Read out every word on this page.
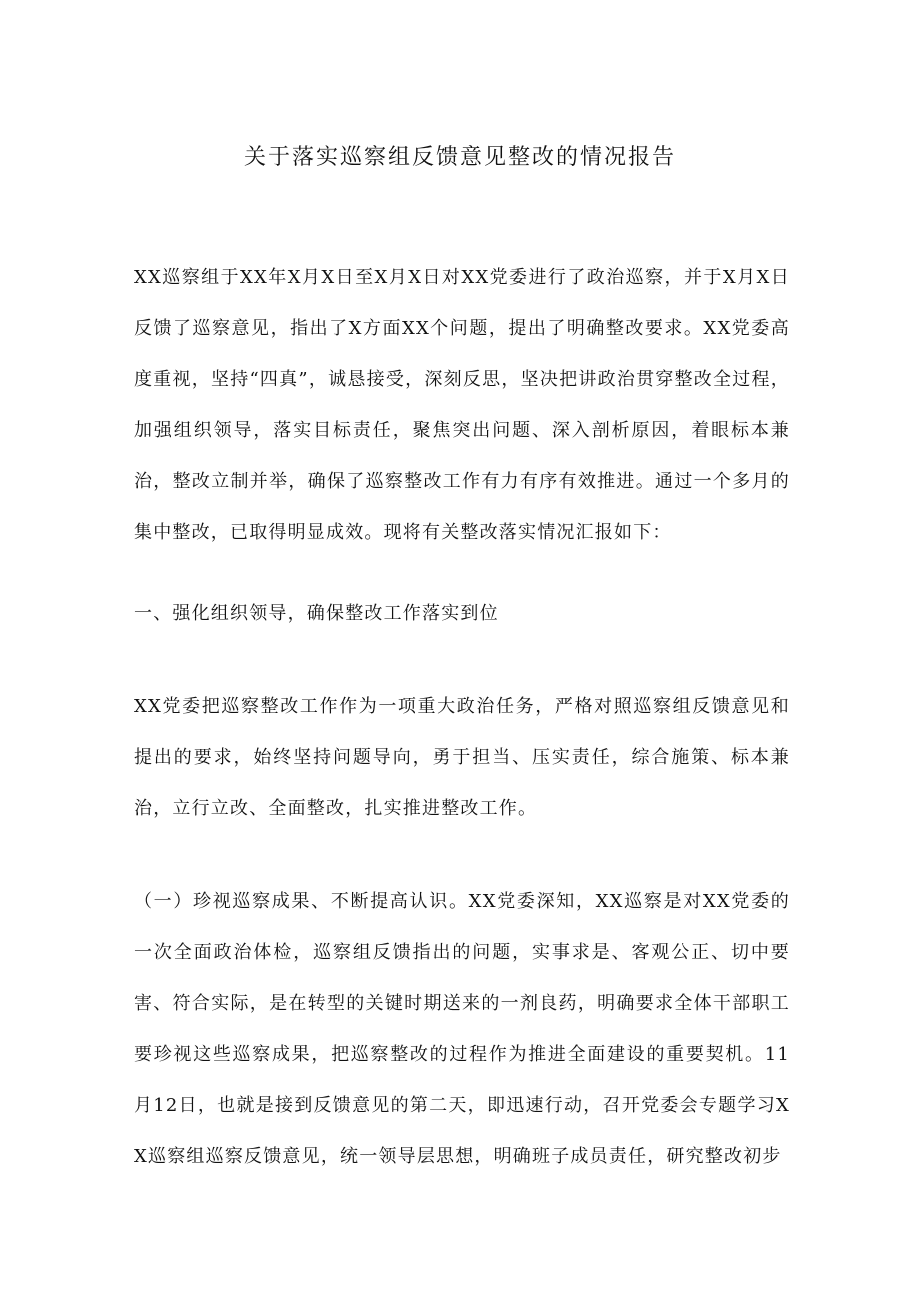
关于落实巡察组反馈意见整改的情况报告

XX巡察组于XX年X月X日至X月X日对XX党委进行了政治巡察，并于X月X日反馈了巡察意见，指出了X方面XX个问题，提出了明确整改要求。XX党委高度重视，坚持“四真”，诚恳接受，深刻反思，坚决把讲政治贯穿整改全过程，加强组织领导，落实目标责任，聚焦突出问题、深入剖析原因，着眼标本兼治，整改立制并举，确保了巡察整改工作有力有序有效推进。通过一个多月的集中整改，已取得明显成效。现将有关整改落实情况汇报如下：

一、强化组织领导，确保整改工作落实到位

XX党委把巡察整改工作作为一项重大政治任务，严格对照巡察组反馈意见和提出的要求，始终坚持问题导向，勇于担当、压实责任，综合施策、标本兼治，立行立改、全面整改，扎实推进整改工作。

（一）珍视巡察成果、不断提高认识。XX党委深知，XX巡察是对XX党委的一次全面政治体检，巡察组反馈指出的问题，实事求是、客观公正、切中要害、符合实际，是在转型的关键时期送来的一剂良药，明确要求全体干部职工要珍视这些巡察成果，把巡察整改的过程作为推进全面建设的重要契机。11月12日，也就是接到反馈意见的第二天，即迅速行动，召开党委会专题学习XX巡察组巡察反馈意见，统一领导层思想，明确班子成员责任，研究整改初步
